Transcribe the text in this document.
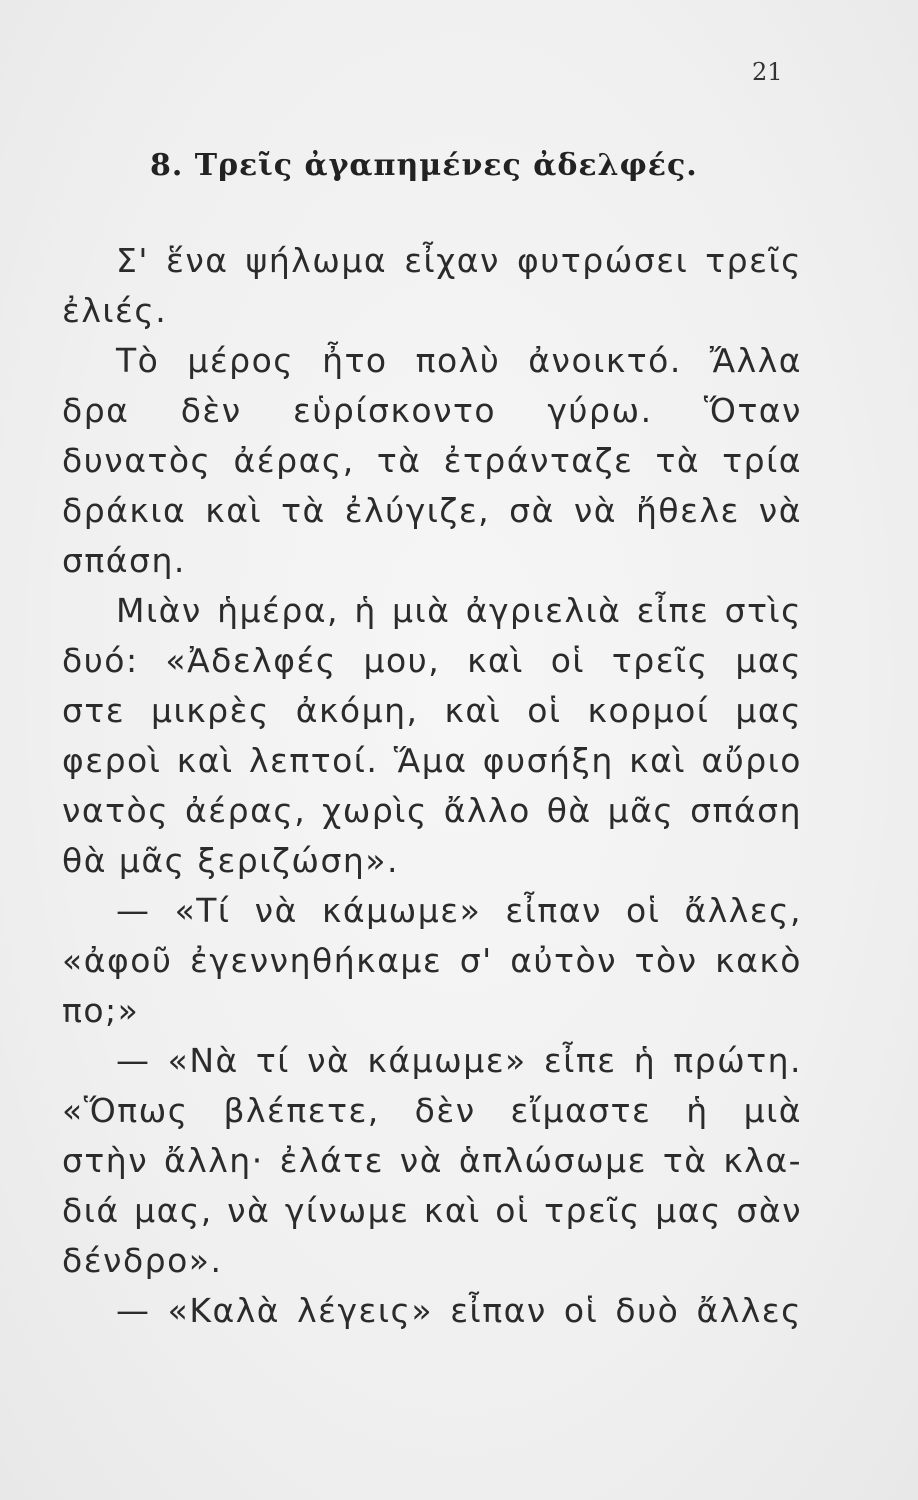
21
8. Τρεῖς ἀγαπημένες ἀδελφές.
Σ' ἕνα ψήλωμα εἶχαν φυτρώσει τρεῖς
ἐλιές.
Τὸ μέρος ἦτο πολὺ ἀνοικτό. Ἄλλα
δρα δὲν εὑρίσκοντο γύρω. Ὅταν
δυνατὸς ἀέρας, τὰ ἐτράνταζε τὰ τρία
δράκια καὶ τὰ ἐλύγιζε, σὰ νὰ ἤθελε νὰ
σπάση.
Μιὰν ἡμέρα, ἡ μιὰ ἀγριελιὰ εἶπε στὶς
δυό: «Ἀδελφές μου, καὶ οἱ τρεῖς μας
στε μικρὲς ἀκόμη, καὶ οἱ κορμοί μας
φεροὶ καὶ λεπτοί. Ἅμα φυσήξη καὶ αὔριο
νατὸς ἀέρας, χωρὶς ἄλλο θὰ μᾶς σπάση
θὰ μᾶς ξεριζώση».
— «Τί νὰ κάμωμε» εἶπαν οἱ ἄλλες,
«ἀφοῦ ἐγεννηθήκαμε σ' αὐτὸν τὸν κακὸ
πο;»
— «Νὰ τί νὰ κάμωμε» εἶπε ἡ πρώτη.
«Ὅπως βλέπετε, δὲν εἴμαστε ἡ μιὰ
στὴν ἄλλη· ἐλάτε νὰ ἁπλώσωμε τὰ κλα-
διά μας, νὰ γίνωμε καὶ οἱ τρεῖς μας σὰν
δένδρο».
— «Καλὰ λέγεις» εἶπαν οἱ δυὸ ἄλλες
